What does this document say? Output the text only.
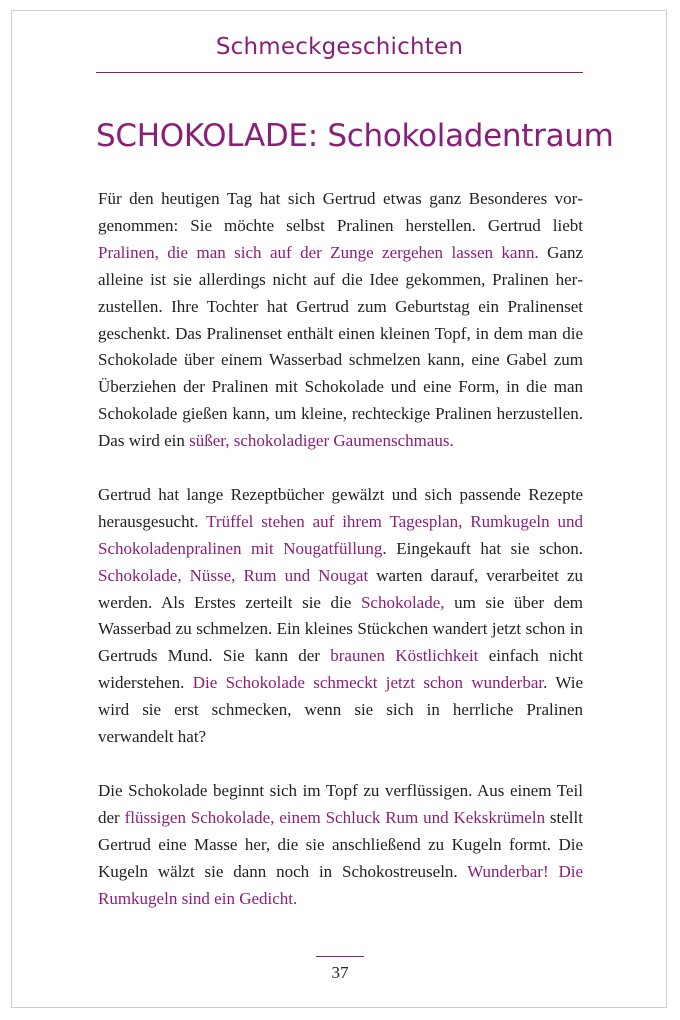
Schmeckgeschichten
SCHOKOLADE: Schokoladentraum

Für den heutigen Tag hat sich Gertrud etwas ganz Besonderes vorgenommen: Sie möchte selbst Pralinen herstellen. Gertrud liebt Pralinen, die man sich auf der Zunge zergehen lassen kann. Ganz alleine ist sie allerdings nicht auf die Idee gekommen, Pralinen herzustellen. Ihre Tochter hat Gertrud zum Geburtstag ein Pralinenset geschenkt. Das Pralinenset enthält einen kleinen Topf, in dem man die Schokolade über einem Wasserbad schmelzen kann, eine Gabel zum Überziehen der Pralinen mit Schokolade und eine Form, in die man Schokolade gießen kann, um kleine, rechteckige Pralinen herzustellen. Das wird ein süßer, schokoladiger Gaumenschmaus.

Gertrud hat lange Rezeptbücher gewälzt und sich passende Rezepte herausgesucht. Trüffel stehen auf ihrem Tagesplan, Rumkugeln und Schokoladenpralinen mit Nougatfüllung. Eingekauft hat sie schon. Schokolade, Nüsse, Rum und Nougat warten darauf, verarbeitet zu werden. Als Erstes zerteilt sie die Schokolade, um sie über dem Wasserbad zu schmelzen. Ein kleines Stückchen wandert jetzt schon in Gertruds Mund. Sie kann der braunen Köstlichkeit einfach nicht widerstehen. Die Schokolade schmeckt jetzt schon wunderbar. Wie wird sie erst schmecken, wenn sie sich in herrliche Pralinen verwandelt hat?

Die Schokolade beginnt sich im Topf zu verflüssigen. Aus einem Teil der flüssigen Schokolade, einem Schluck Rum und Kekskrümeln stellt Gertrud eine Masse her, die sie anschließend zu Kugeln formt. Die Kugeln wälzt sie dann noch in Schokostreuseln. Wunderbar! Die Rumkugeln sind ein Gedicht.

37
